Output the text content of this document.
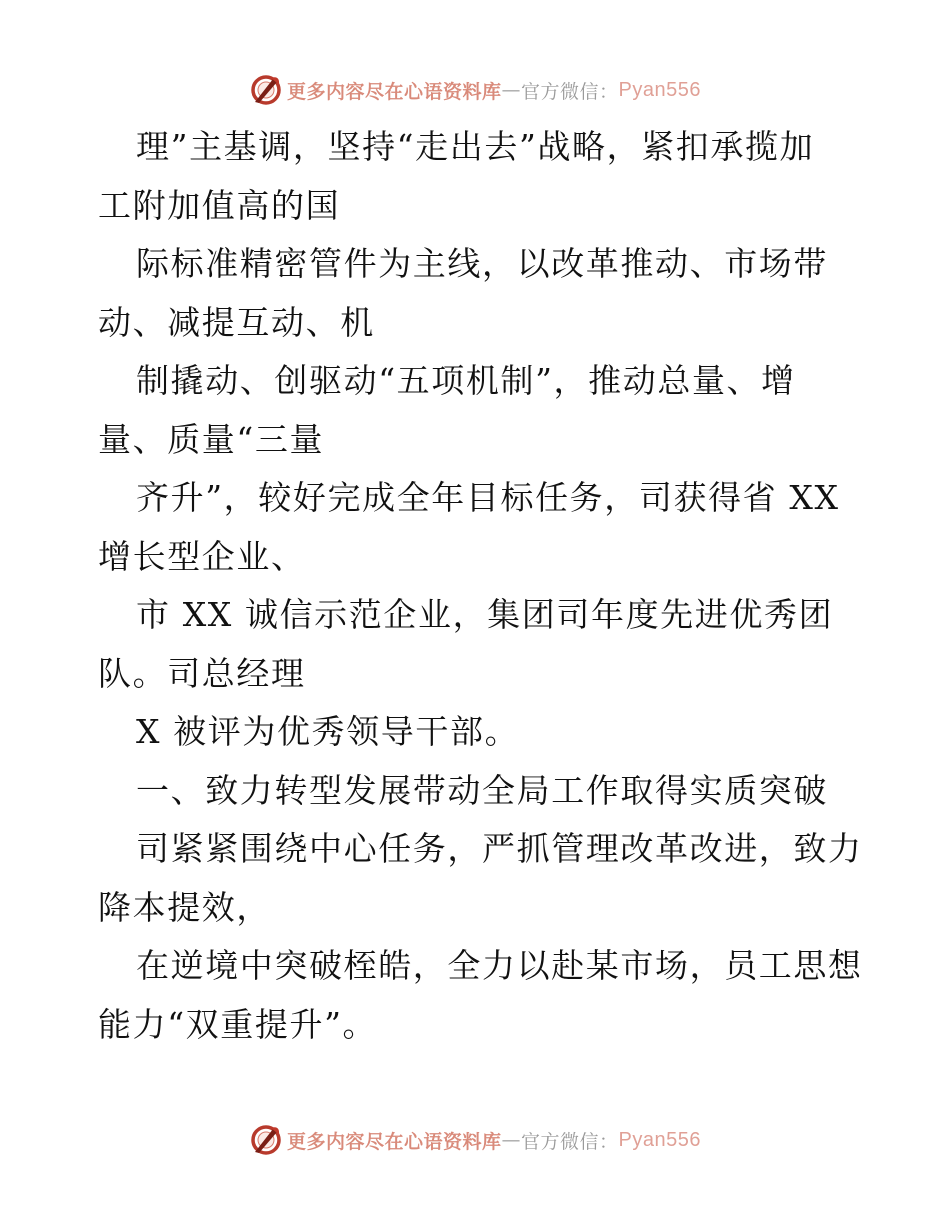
更多内容尽在心语资料库 — 官方微信： Pyan556
理”主基调，坚持“走出去”战略，紧扣承揽加
工附加值高的国
际标准精密管件为主线，以改革推动、市场带
动、减提互动、机
制撬动、创驱动“五项机制”，推动总量、增
量、质量“三量
齐升”，较好完成全年目标任务，司获得省 XX
增长型企业、
市 XX 诚信示范企业，集团司年度先进优秀团
队。司总经理
X 被评为优秀领导干部。
一、致力转型发展带动全局工作取得实质突破
司紧紧围绕中心任务，严抓管理改革改进，致力
降本提效，
在逆境中突破桎皓，全力以赴某市场，员工思想
能力“双重提升”。
更多内容尽在心语资料库 — 官方微信： Pyan556
